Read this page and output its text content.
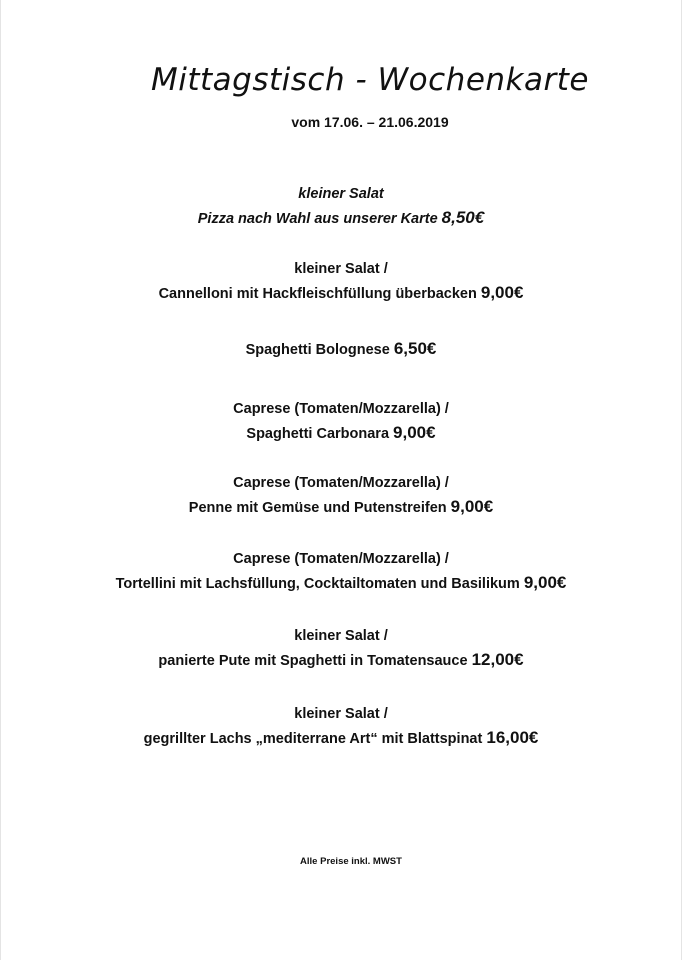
Mittagstisch - Wochenkarte
vom 17.06. – 21.06.2019
kleiner Salat
Pizza nach Wahl aus unserer Karte 8,50€
kleiner Salat /
Cannelloni mit Hackfleischfüllung überbacken 9,00€
Spaghetti Bolognese 6,50€
Caprese (Tomaten/Mozzarella) /
Spaghetti Carbonara 9,00€
Caprese (Tomaten/Mozzarella) /
Penne mit Gemüse und Putenstreifen 9,00€
Caprese (Tomaten/Mozzarella) /
Tortellini mit Lachsfüllung, Cocktailtomaten und Basilikum 9,00€
kleiner Salat /
panierte Pute mit Spaghetti in Tomatensauce 12,00€
kleiner Salat /
gegrillter Lachs „mediterrane Art“ mit Blattspinat 16,00€
Alle Preise inkl. MWST
